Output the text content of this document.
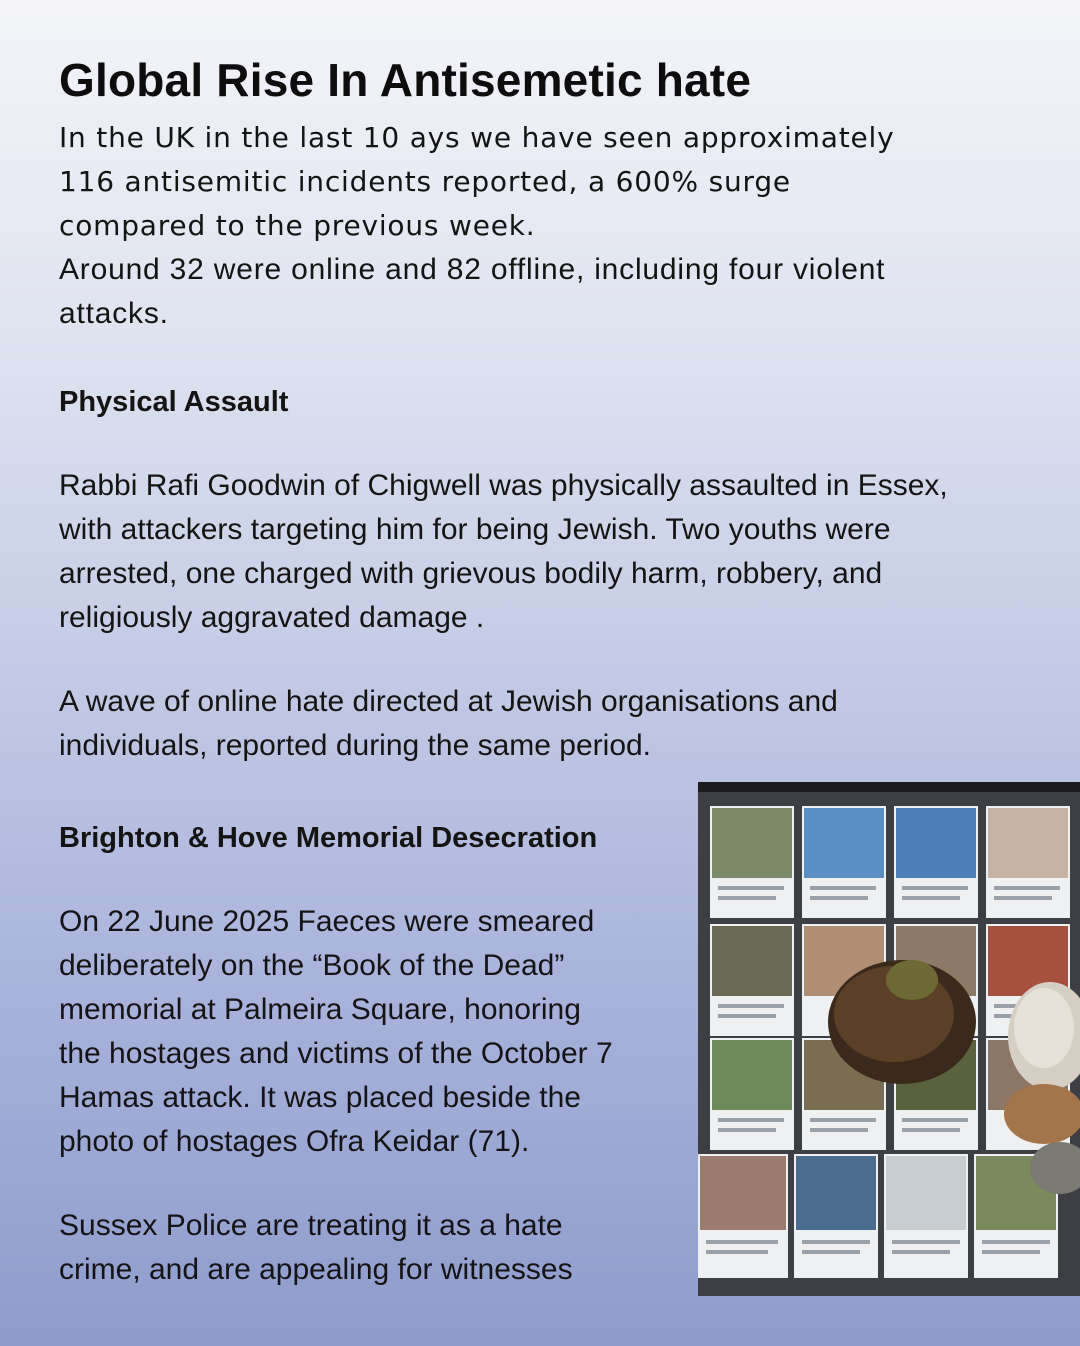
Global Rise In Antisemetic hate
In the UK in the last 10 ays we have seen approximately
116 antisemitic incidents reported, a 600% surge
compared to the previous week.
Around 32 were online and 82 offline, including four violent
attacks.

Physical Assault

Rabbi Rafi Goodwin of Chigwell was physically assaulted in Essex,
with attackers targeting him for being Jewish. Two youths were
arrested, one charged with grievous bodily harm, robbery, and
religiously aggravated damage .

A wave of online hate directed at Jewish organisations and
individuals, reported during the same period.

Brighton & Hove Memorial Desecration

On 22 June 2025 Faeces were smeared
deliberately on the “Book of the Dead”
memorial at Palmeira Square, honoring
the hostages and victims of the October 7
Hamas attack. It was placed beside the
photo of hostages Ofra Keidar (71).

Sussex Police are treating it as a hate
crime, and are appealing for witnesses
